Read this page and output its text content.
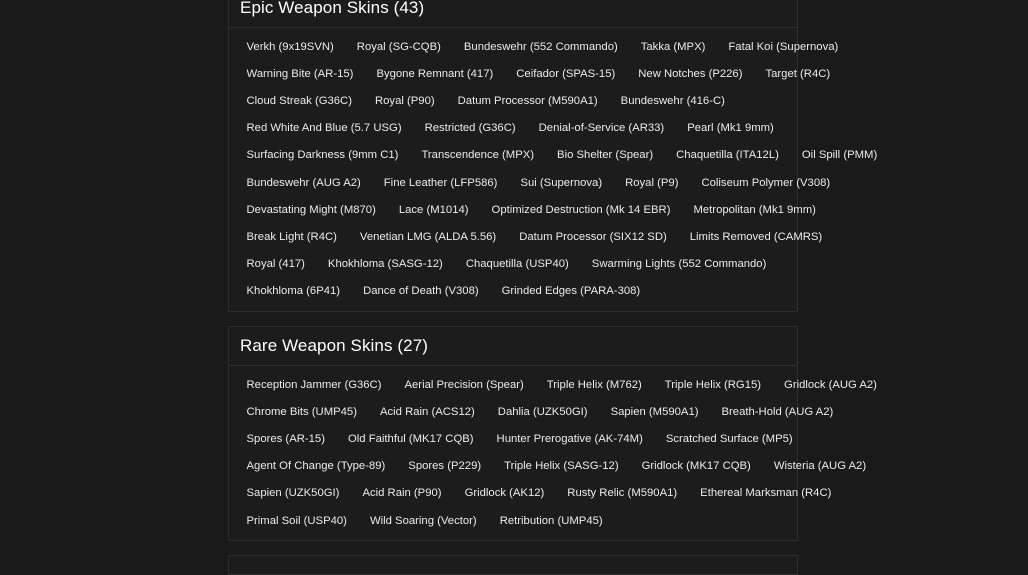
Epic Weapon Skins (43)
Verkh (9x19SVN)	Royal (SG-CQB)	Bundeswehr (552 Commando)	Takka (MPX)	Fatal Koi (Supernova)
Warning Bite (AR-15)	Bygone Remnant (417)	Ceifador (SPAS-15)	New Notches (P226)	Target (R4C)
Cloud Streak (G36C)	Royal (P90)	Datum Processor (M590A1)	Bundeswehr (416-C)
Red White And Blue (5.7 USG)	Restricted (G36C)	Denial-of-Service (AR33)	Pearl (Mk1 9mm)
Surfacing Darkness (9mm C1)	Transcendence (MPX)	Bio Shelter (Spear)	Chaquetilla (ITA12L)	Oil Spill (PMM)
Bundeswehr (AUG A2)	Fine Leather (LFP586)	Sui (Supernova)	Royal (P9)	Coliseum Polymer (V308)
Devastating Might (M870)	Lace (M1014)	Optimized Destruction (Mk 14 EBR)	Metropolitan (Mk1 9mm)
Break Light (R4C)	Venetian LMG (ALDA 5.56)	Datum Processor (SIX12 SD)	Limits Removed (CAMRS)
Royal (417)	Khokhloma (SASG-12)	Chaquetilla (USP40)	Swarming Lights (552 Commando)
Khokhloma (6P41)	Dance of Death (V308)	Grinded Edges (PARA-308)
Rare Weapon Skins (27)
Reception Jammer (G36C)	Aerial Precision (Spear)	Triple Helix (M762)	Triple Helix (RG15)	Gridlock (AUG A2)
Chrome Bits (UMP45)	Acid Rain (ACS12)	Dahlia (UZK50GI)	Sapien (M590A1)	Breath-Hold (AUG A2)
Spores (AR-15)	Old Faithful (MK17 CQB)	Hunter Prerogative (AK-74M)	Scratched Surface (MP5)
Agent Of Change (Type-89)	Spores (P229)	Triple Helix (SASG-12)	Gridlock (MK17 CQB)	Wisteria (AUG A2)
Sapien (UZK50GI)	Acid Rain (P90)	Gridlock (AK12)	Rusty Relic (M590A1)	Ethereal Marksman (R4C)
Primal Soil (USP40)	Wild Soaring (Vector)	Retribution (UMP45)
